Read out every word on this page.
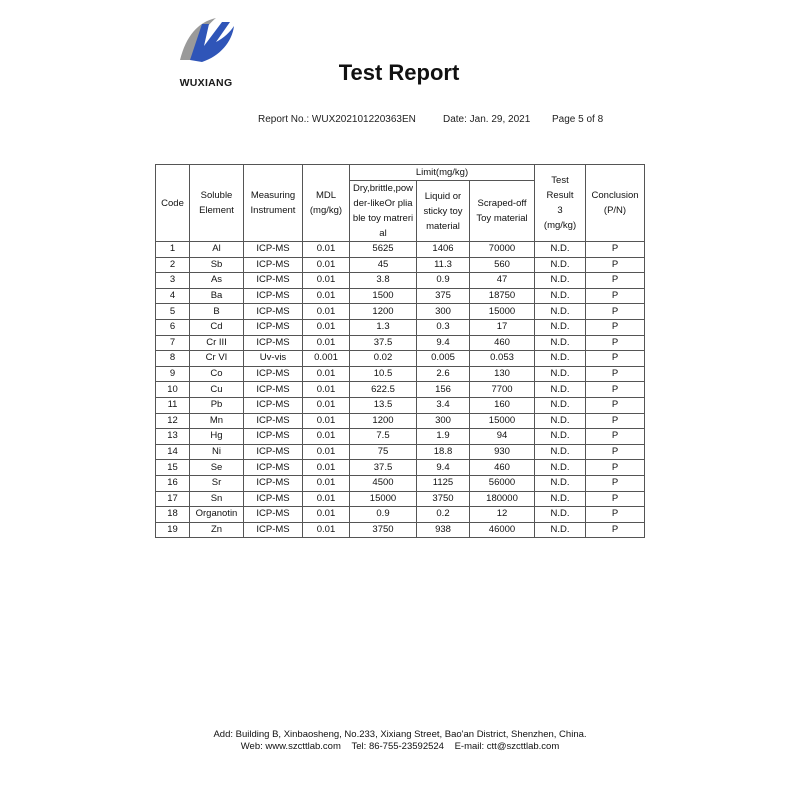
WUXIANG	Test Report
Report No.: WUX202101220363EN	Date: Jan. 29, 2021 Page 5 of 8
Code	Soluble Element	Measuring Instrument	MDL (mg/kg)	Limit(mg/kg)			Test Result 3 (mg/kg)	Conclusion (P/N)
				Dry,brittle,powder-likeOr pliable toy matrerial	Liquid or sticky toy material	Scraped-off Toy material		
1	Al	ICP-MS	0.01	5625	1406	70000	N.D.	P
2	Sb	ICP-MS	0.01	45	11.3	560	N.D.	P
3	As	ICP-MS	0.01	3.8	0.9	47	N.D.	P
4	Ba	ICP-MS	0.01	1500	375	18750	N.D.	P
5	B	ICP-MS	0.01	1200	300	15000	N.D.	P
6	Cd	ICP-MS	0.01	1.3	0.3	17	N.D.	P
7	Cr III	ICP-MS	0.01	37.5	9.4	460	N.D.	P
8	Cr VI	Uv-vis	0.001	0.02	0.005	0.053	N.D.	P
9	Co	ICP-MS	0.01	10.5	2.6	130	N.D.	P
10	Cu	ICP-MS	0.01	622.5	156	7700	N.D.	P
11	Pb	ICP-MS	0.01	13.5	3.4	160	N.D.	P
12	Mn	ICP-MS	0.01	1200	300	15000	N.D.	P
13	Hg	ICP-MS	0.01	7.5	1.9	94	N.D.	P
14	Ni	ICP-MS	0.01	75	18.8	930	N.D.	P
15	Se	ICP-MS	0.01	37.5	9.4	460	N.D.	P
16	Sr	ICP-MS	0.01	4500	1125	56000	N.D.	P
17	Sn	ICP-MS	0.01	15000	3750	180000	N.D.	P
18	Organotin	ICP-MS	0.01	0.9	0.2	12	N.D.	P
19	Zn	ICP-MS	0.01	3750	938	46000	N.D.	P
Add: Building B, Xinbaosheng, No.233, Xixiang Street, Bao'an District, Shenzhen, China.
Web: www.szcttlab.com Tel: 86-755-23592524 E-mail: ctt@szcttlab.com
